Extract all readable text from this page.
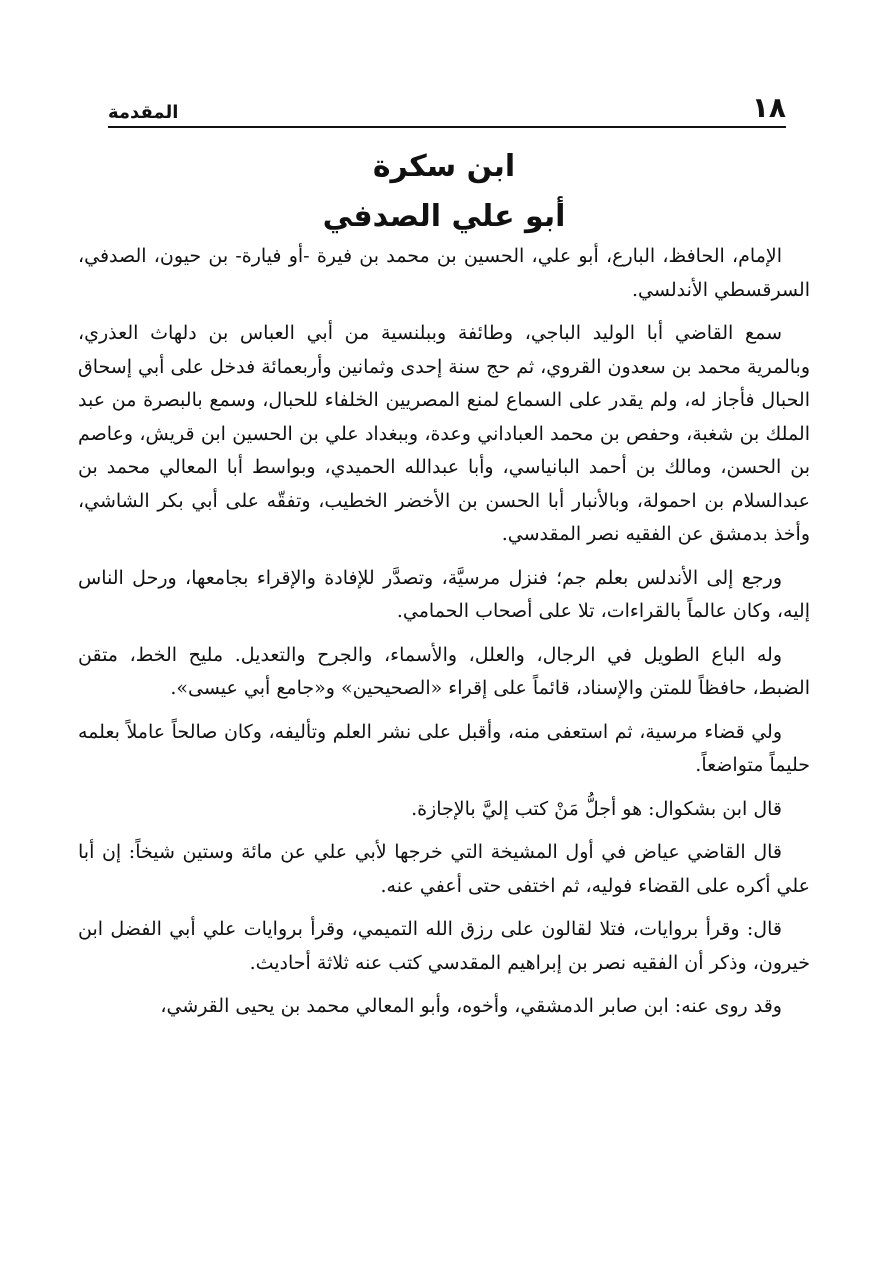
١٨
المقدمة
ابن سكرة
أبو علي الصدفي

الإمام، الحافظ، البارع، أبو علي، الحسين بن محمد بن فيرة -أو فيارة- بن حيون، الصدفي، السرقسطي الأندلسي.

سمع القاضي أبا الوليد الباجي، وطائفة وببلنسية من أبي العباس بن دلهاث العذري، وبالمرية محمد بن سعدون القروي، ثم حج سنة إحدى وثمانين وأربعمائة فدخل على أبي إسحاق الحبال فأجاز له، ولم يقدر على السماع لمنع المصريين الخلفاء للحبال، وسمع بالبصرة من عبد الملك بن شغبة، وحفص بن محمد العباداني وعدة، وببغداد علي بن الحسين ابن قريش، وعاصم بن الحسن، ومالك بن أحمد البانياسي، وأبا عبدالله الحميدي، وبواسط أبا المعالي محمد بن عبدالسلام بن احمولة، وبالأنبار أبا الحسن بن الأخضر الخطيب، وتفقّه على أبي بكر الشاشي، وأخذ بدمشق عن الفقيه نصر المقدسي.

ورجع إلى الأندلس بعلم جم؛ فنزل مرسيَّة، وتصدَّر للإفادة والإقراء بجامعها، ورحل الناس إليه، وكان عالماً بالقراءات، تلا على أصحاب الحمامي.

وله الباع الطويل في الرجال، والعلل، والأسماء، والجرح والتعديل. مليح الخط، متقن الضبط، حافظاً للمتن والإسناد، قائماً على إقراء «الصحيحين» و«جامع أبي عيسى».

ولي قضاء مرسية، ثم استعفى منه، وأقبل على نشر العلم وتأليفه، وكان صالحاً عاملاً بعلمه حليماً متواضعاً.

قال ابن بشكوال: هو أجلُّ مَنْ كتب إليَّ بالإجازة.

قال القاضي عياض في أول المشيخة التي خرجها لأبي علي عن مائة وستين شيخاً: إن أبا علي أكره على القضاء فوليه، ثم اختفى حتى أعفي عنه.

قال: وقرأ بروايات، فتلا لقالون على رزق الله التميمي، وقرأ بروايات علي أبي الفضل ابن خيرون، وذكر أن الفقيه نصر بن إبراهيم المقدسي كتب عنه ثلاثة أحاديث.

وقد روى عنه: ابن صابر الدمشقي، وأخوه، وأبو المعالي محمد بن يحيى القرشي،
